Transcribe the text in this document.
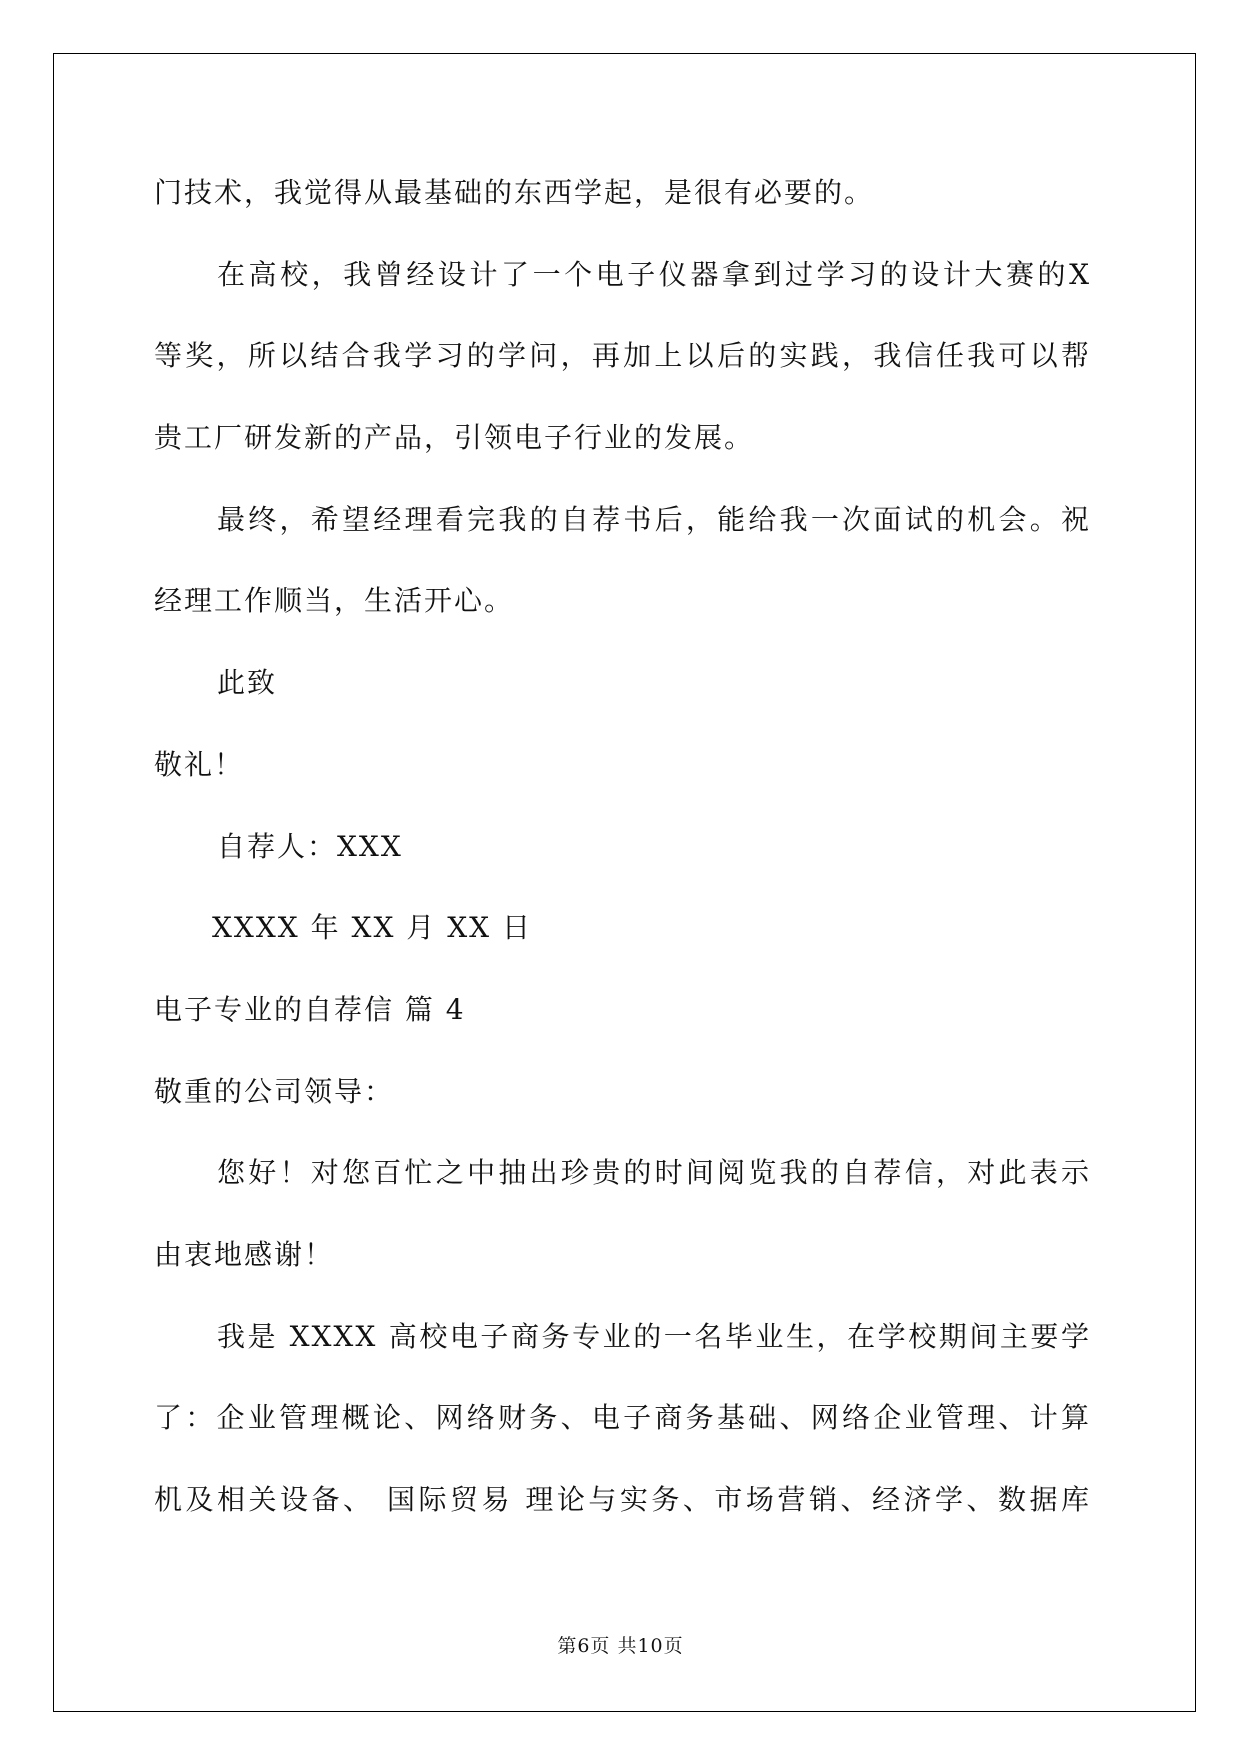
门技术，我觉得从最基础的东西学起，是很有必要的。
在高校，我曾经设计了一个电子仪器拿到过学习的设计大赛的X
等奖，所以结合我学习的学问，再加上以后的实践，我信任我可以帮
贵工厂研发新的产品，引领电子行业的发展。
最终，希望经理看完我的自荐书后，能给我一次面试的机会。祝
经理工作顺当，生活开心。
此致
敬礼！
自荐人：XXX
XXXX 年 XX 月 XX 日
电子专业的自荐信 篇 4
敬重的公司领导：
您好！对您百忙之中抽出珍贵的时间阅览我的自荐信，对此表示
由衷地感谢！
我是 XXXX 高校电子商务专业的一名毕业生，在学校期间主要学
了：企业管理概论、网络财务、电子商务基础、网络企业管理、计算
机及相关设备、 国际贸易 理论与实务、市场营销、经济学、数据库
第6页 共10页
